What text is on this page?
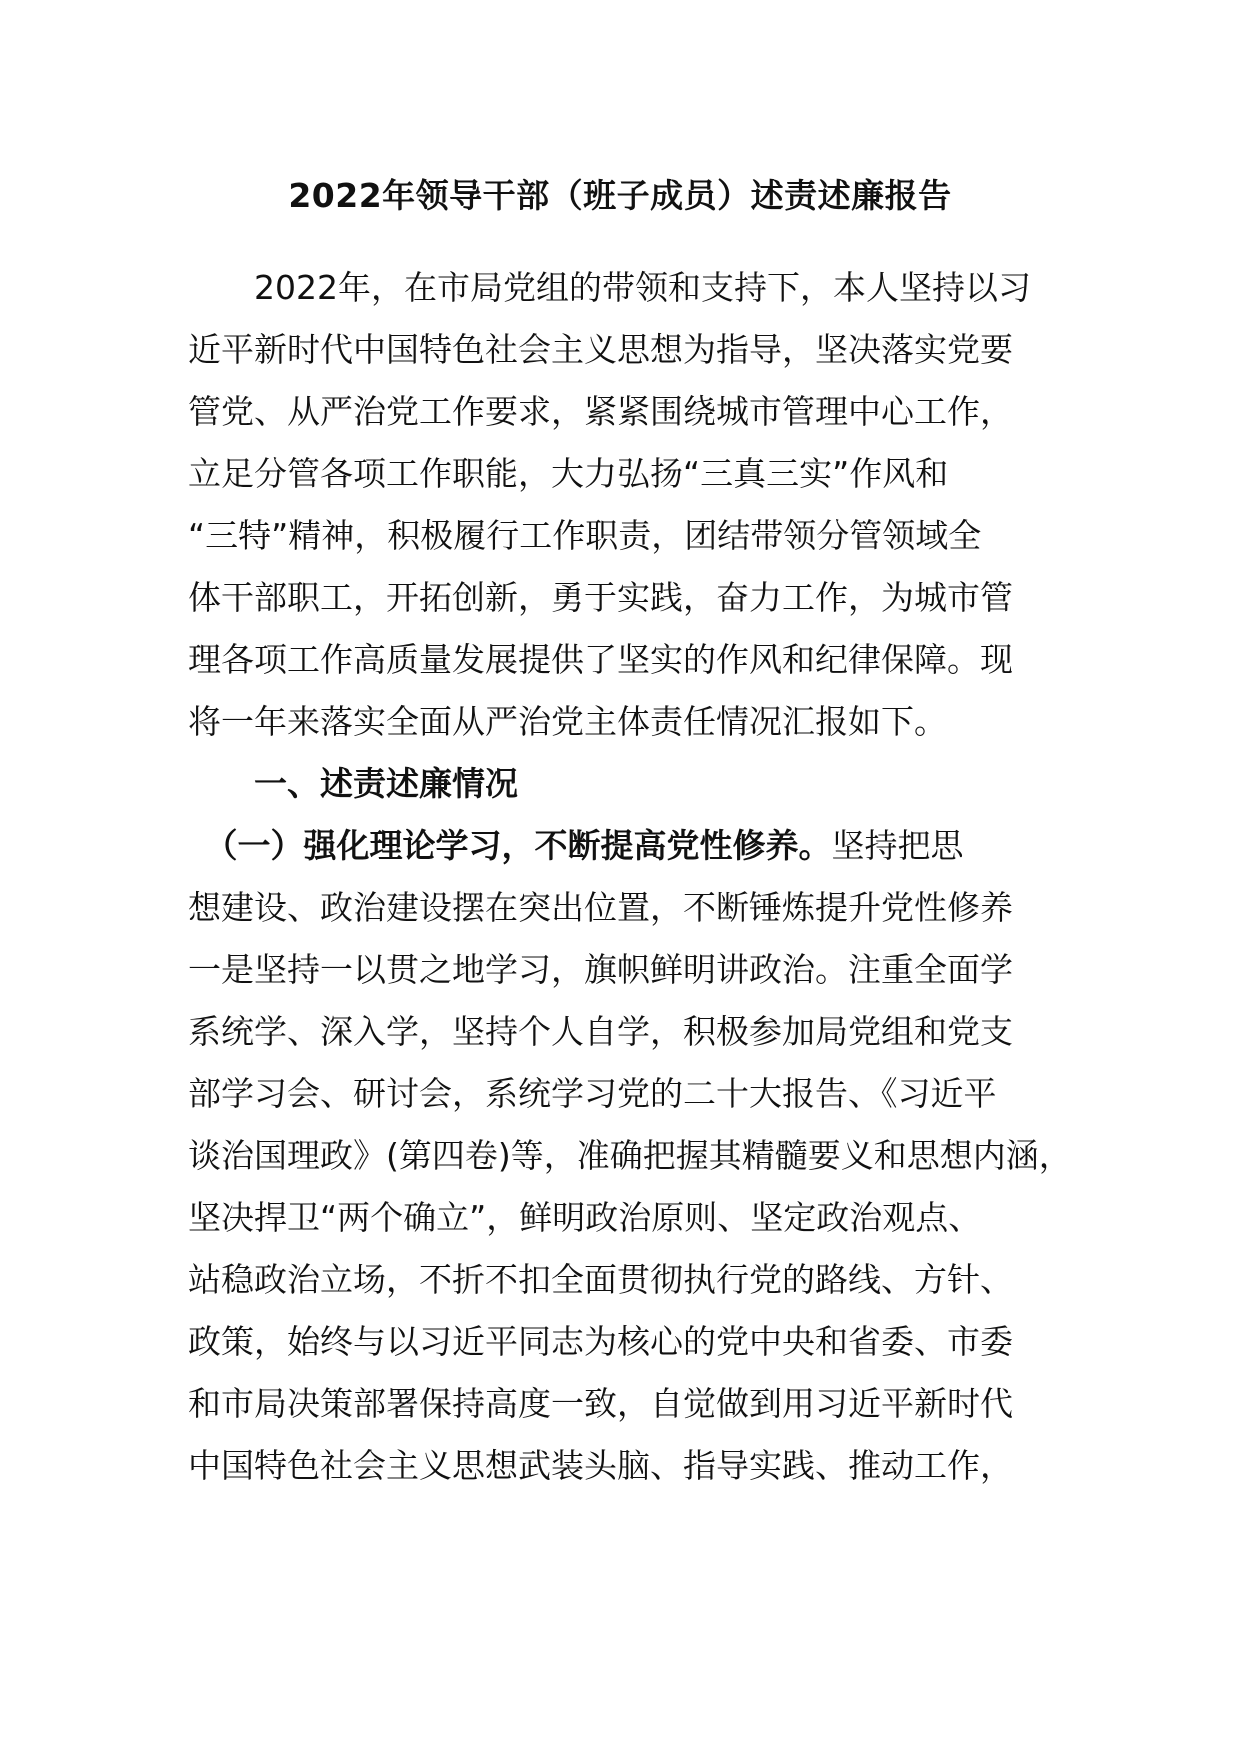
2022年领导干部（班子成员）述责述廉报告
　　2022年，在市局党组的带领和支持下，本人坚持以习
近平新时代中国特色社会主义思想为指导，坚决落实党要
管党、从严治党工作要求，紧紧围绕城市管理中心工作，
立足分管各项工作职能，大力弘扬“三真三实”作风和
“三特”精神，积极履行工作职责，团结带领分管领域全
体干部职工，开拓创新，勇于实践，奋力工作，为城市管
理各项工作高质量发展提供了坚实的作风和纪律保障。现
将一年来落实全面从严治党主体责任情况汇报如下。
　　一、述责述廉情况
　（一）强化理论学习，不断提高党性修养。坚持把思
想建设、政治建设摆在突出位置，不断锤炼提升党性修养
一是坚持一以贯之地学习，旗帜鲜明讲政治。注重全面学
系统学、深入学，坚持个人自学，积极参加局党组和党支
部学习会、研讨会，系统学习党的二十大报告、《习近平
谈治国理政》(第四卷)等，准确把握其精髓要义和思想内涵，
坚决捍卫“两个确立”，鲜明政治原则、坚定政治观点、
站稳政治立场，不折不扣全面贯彻执行党的路线、方针、
政策，始终与以习近平同志为核心的党中央和省委、市委
和市局决策部署保持高度一致，自觉做到用习近平新时代
中国特色社会主义思想武装头脑、指导实践、推动工作，
